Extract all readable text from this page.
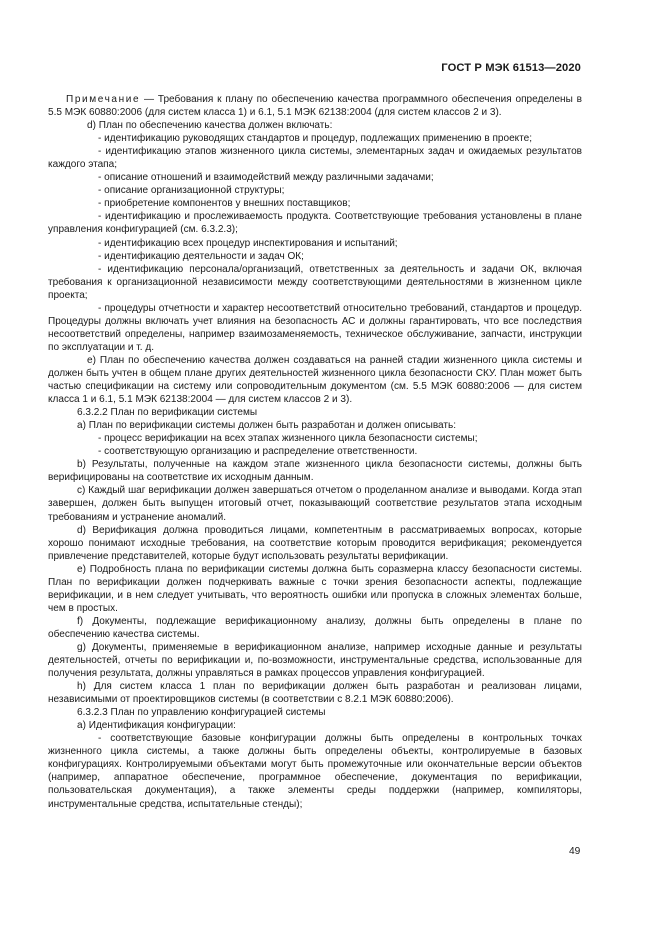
ГОСТ Р МЭК 61513—2020

Примечание — Требования к плану по обеспечению качества программного обеспечения определены в 5.5 МЭК 60880:2006 (для систем класса 1) и 6.1, 5.1 МЭК 62138:2004 (для систем классов 2 и 3).

d) План по обеспечению качества должен включать:

- идентификацию руководящих стандартов и процедур, подлежащих применению в проекте;

- идентификацию этапов жизненного цикла системы, элементарных задач и ожидаемых результатов каждого этапа;

- описание отношений и взаимодействий между различными задачами;

- описание организационной структуры;

- приобретение компонентов у внешних поставщиков;

- идентификацию и прослеживаемость продукта. Соответствующие требования установлены в плане управления конфигурацией (см. 6.3.2.3);

- идентификацию всех процедур инспектирования и испытаний;

- идентификацию деятельности и задач ОК;

- идентификацию персонала/организаций, ответственных за деятельность и задачи ОК, включая требования к организационной независимости между соответствующими деятельностями в жизненном цикле проекта;

- процедуры отчетности и характер несоответствий относительно требований, стандартов и процедур. Процедуры должны включать учет влияния на безопасность АС и должны гарантировать, что все последствия несоответствий определены, например взаимозаменяемость, техническое обслуживание, запчасти, инструкции по эксплуатации и т. д.

e) План по обеспечению качества должен создаваться на ранней стадии жизненного цикла системы и должен быть учтен в общем плане других деятельностей жизненного цикла безопасности СКУ. План может быть частью спецификации на систему или сопроводительным документом (см. 5.5 МЭК 60880:2006 — для систем класса 1 и 6.1, 5.1 МЭК 62138:2004 — для систем классов 2 и 3).

6.3.2.2 План по верификации системы

a) План по верификации системы должен быть разработан и должен описывать:

- процесс верификации на всех этапах жизненного цикла безопасности системы;

- соответствующую организацию и распределение ответственности.

b) Результаты, полученные на каждом этапе жизненного цикла безопасности системы, должны быть верифицированы на соответствие их исходным данным.

c) Каждый шаг верификации должен завершаться отчетом о проделанном анализе и выводами. Когда этап завершен, должен быть выпущен итоговый отчет, показывающий соответствие результатов этапа исходным требованиям и устранение аномалий.

d) Верификация должна проводиться лицами, компетентным в рассматриваемых вопросах, которые хорошо понимают исходные требования, на соответствие которым проводится верификация; рекомендуется привлечение представителей, которые будут использовать результаты верификации.

e) Подробность плана по верификации системы должна быть соразмерна классу безопасности системы. План по верификации должен подчеркивать важные с точки зрения безопасности аспекты, подлежащие верификации, и в нем следует учитывать, что вероятность ошибки или пропуска в сложных элементах больше, чем в простых.

f) Документы, подлежащие верификационному анализу, должны быть определены в плане по обеспечению качества системы.

g) Документы, применяемые в верификационном анализе, например исходные данные и результаты деятельностей, отчеты по верификации и, по-возможности, инструментальные средства, использованные для получения результата, должны управляться в рамках процессов управления конфигурацией.

h) Для систем класса 1 план по верификации должен быть разработан и реализован лицами, независимыми от проектировщиков системы (в соответствии с 8.2.1 МЭК 60880:2006).

6.3.2.3 План по управлению конфигурацией системы

a) Идентификация конфигурации:

- соответствующие базовые конфигурации должны быть определены в контрольных точках жизненного цикла системы, а также должны быть определены объекты, контролируемые в базовых конфигурациях. Контролируемыми объектами могут быть промежуточные или окончательные версии объектов (например, аппаратное обеспечение, программное обеспечение, документация по верификации, пользовательская документация), а также элементы среды поддержки (например, компиляторы, инструментальные средства, испытательные стенды);

49
